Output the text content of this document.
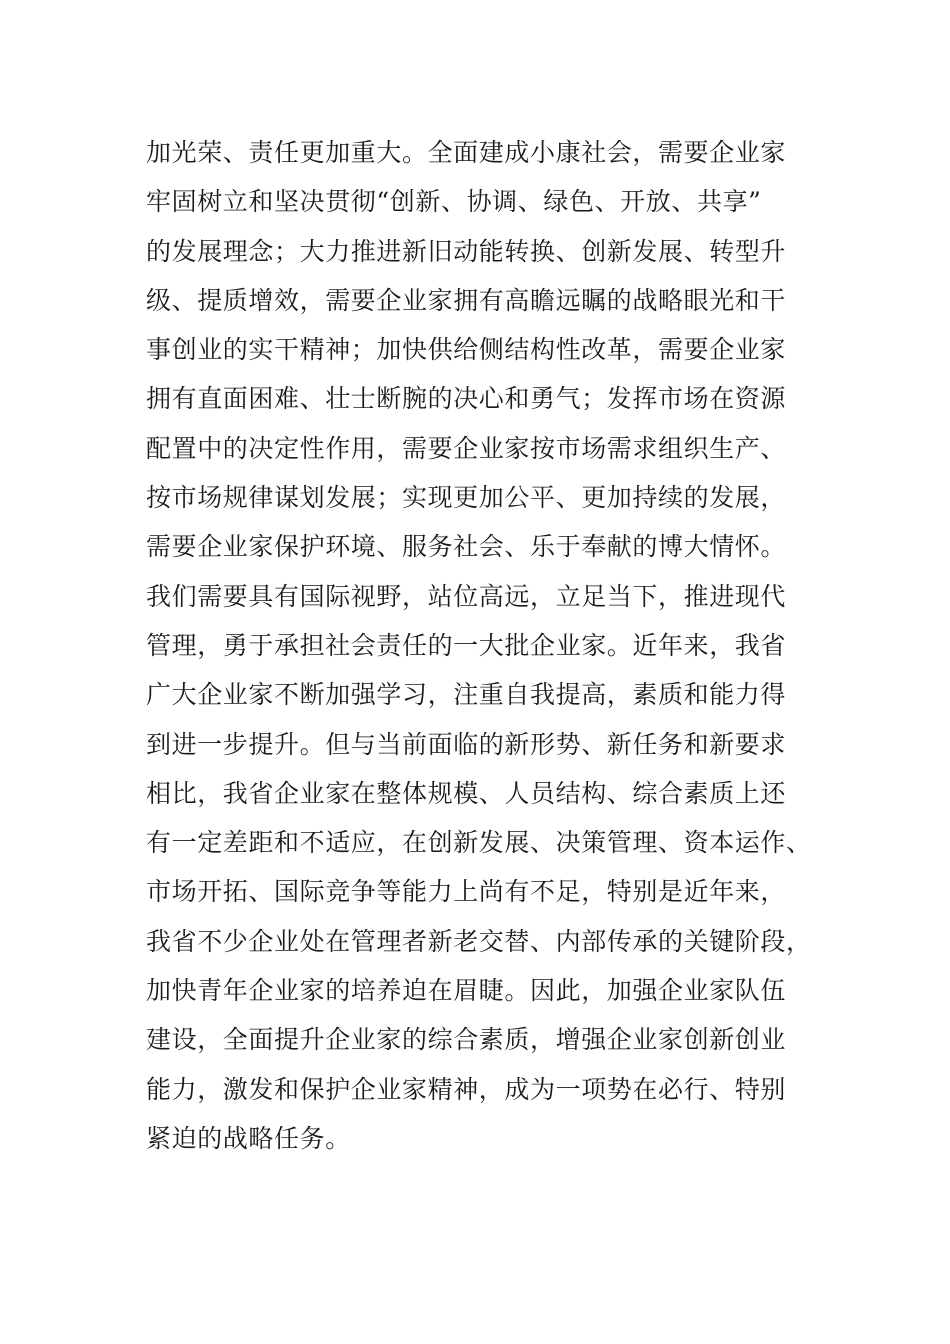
加光荣、责任更加重大。全面建成小康社会，需要企业家
牢固树立和坚决贯彻“创新、协调、绿色、开放、共享”
的发展理念；大力推进新旧动能转换、创新发展、转型升
级、提质增效，需要企业家拥有高瞻远瞩的战略眼光和干
事创业的实干精神；加快供给侧结构性改革，需要企业家
拥有直面困难、壮士断腕的决心和勇气；发挥市场在资源
配置中的决定性作用，需要企业家按市场需求组织生产、
按市场规律谋划发展；实现更加公平、更加持续的发展，
需要企业家保护环境、服务社会、乐于奉献的博大情怀。
我们需要具有国际视野，站位高远，立足当下，推进现代
管理，勇于承担社会责任的一大批企业家。近年来，我省
广大企业家不断加强学习，注重自我提高，素质和能力得
到进一步提升。但与当前面临的新形势、新任务和新要求
相比，我省企业家在整体规模、人员结构、综合素质上还
有一定差距和不适应，在创新发展、决策管理、资本运作、
市场开拓、国际竞争等能力上尚有不足，特别是近年来，
我省不少企业处在管理者新老交替、内部传承的关键阶段，
加快青年企业家的培养迫在眉睫。因此，加强企业家队伍
建设，全面提升企业家的综合素质，增强企业家创新创业
能力，激发和保护企业家精神，成为一项势在必行、特别
紧迫的战略任务。
